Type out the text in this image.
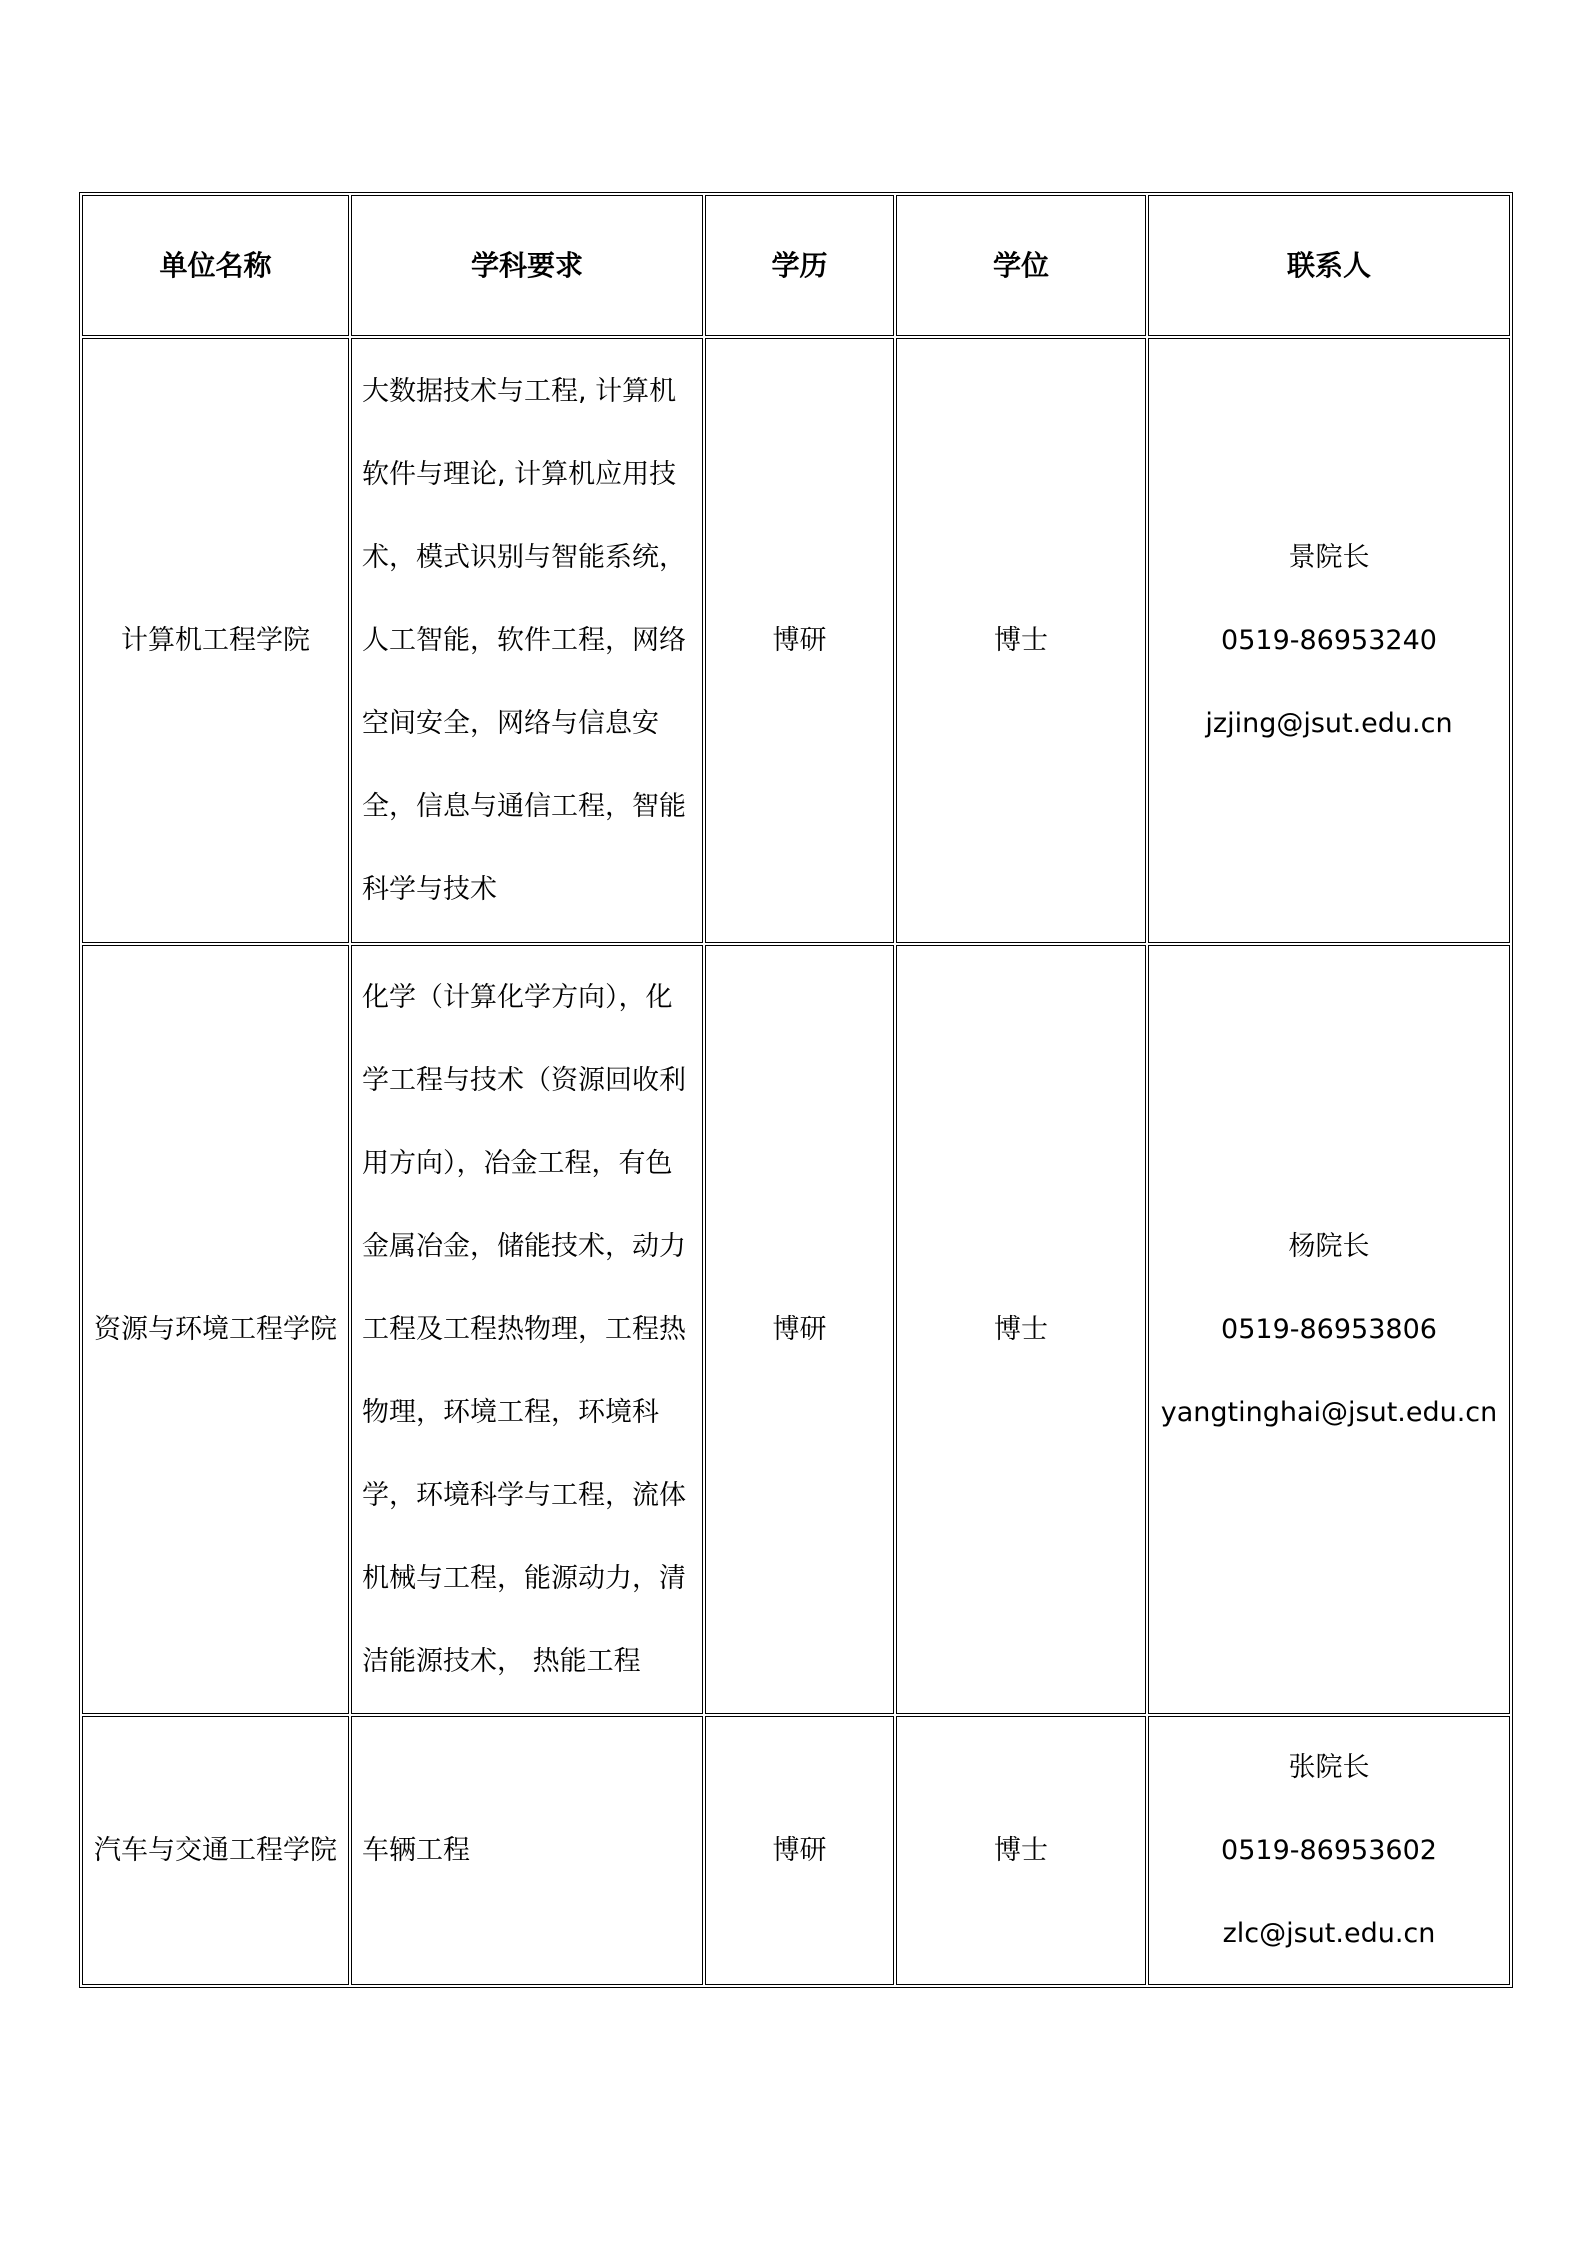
单位名称	学科要求	学历	学位	联系人
计算机工程学院	大数据技术与工程, 计算机软件与理论, 计算机应用技术，模式识别与智能系统，人工智能，软件工程，网络空间安全，网络与信息安全，信息与通信工程，智能科学与技术	博研	博士	景院长
0519-86953240
jzjing@jsut.edu.cn

资源与环境工程学院	化学（计算化学方向），化学工程与技术（资源回收利用方向），冶金工程，有色金属冶金，储能技术，动力工程及工程热物理，工程热物理，环境工程，环境科学，环境科学与工程，流体机械与工程，能源动力，清洁能源技术， 热能工程	博研	博士	杨院长
0519-86953806
yangtinghai@jsut.edu.cn

汽车与交通工程学院	车辆工程	博研	博士	张院长
0519-86953602
zlc@jsut.edu.cn
